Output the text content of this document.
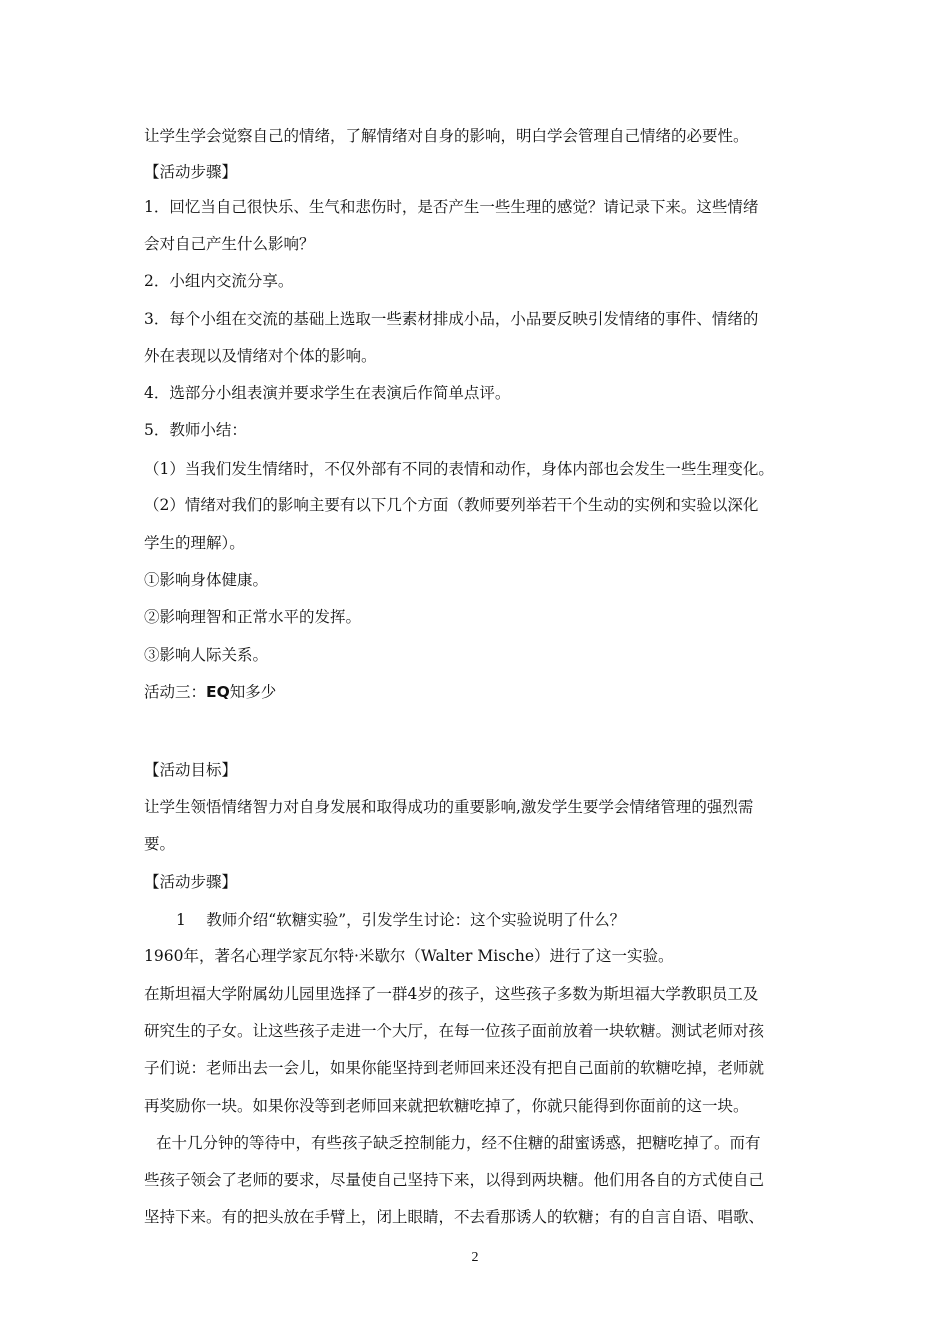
让学生学会觉察自己的情绪，了解情绪对自身的影响，明白学会管理自己情绪的必要性。
【活动步骤】
1．回忆当自己很快乐、生气和悲伤时，是否产生一些生理的感觉？请记录下来。这些情绪
会对自己产生什么影响？
2．小组内交流分享。
3．每个小组在交流的基础上选取一些素材排成小品，小品要反映引发情绪的事件、情绪的
外在表现以及情绪对个体的影响。
4．选部分小组表演并要求学生在表演后作简单点评。
5．教师小结：
（1）当我们发生情绪时，不仅外部有不同的表情和动作，身体内部也会发生一些生理变化。
（2）情绪对我们的影响主要有以下几个方面（教师要列举若干个生动的实例和实验以深化
学生的理解）。
①影响身体健康。
②影响理智和正常水平的发挥。
③影响人际关系。
活动三：EQ知多少
【活动目标】
让学生领悟情绪智力对自身发展和取得成功的重要影响,激发学生要学会情绪管理的强烈需
要。
【活动步骤】
1　 教师介绍“软糖实验”，引发学生讨论：这个实验说明了什么？
1960年，著名心理学家瓦尔特·米歇尔（Walter Mische）进行了这一实验。
在斯坦福大学附属幼儿园里选择了一群4岁的孩子，这些孩子多数为斯坦福大学教职员工及
研究生的子女。让这些孩子走进一个大厅，在每一位孩子面前放着一块软糖。测试老师对孩
子们说：老师出去一会儿，如果你能坚持到老师回来还没有把自己面前的软糖吃掉，老师就
再奖励你一块。如果你没等到老师回来就把软糖吃掉了，你就只能得到你面前的这一块。
在十几分钟的等待中，有些孩子缺乏控制能力，经不住糖的甜蜜诱惑，把糖吃掉了。而有
些孩子领会了老师的要求，尽量使自己坚持下来，以得到两块糖。他们用各自的方式使自己
坚持下来。有的把头放在手臂上，闭上眼睛，不去看那诱人的软糖；有的自言自语、唱歌、
2
